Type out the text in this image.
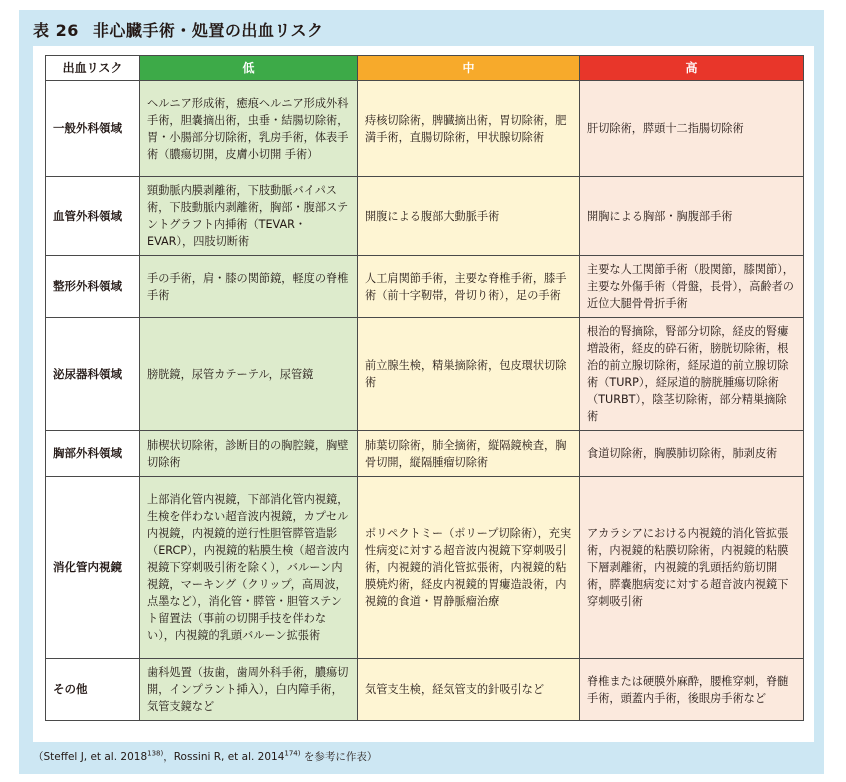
表 26 非心臓手術・処置の出血リスク
出血リスク	低	中	高
一般外科領域	ヘルニア形成術，癒痕ヘルニア形成外科手術，胆嚢摘出術，虫垂・結腸切除術，胃・小腸部分切除術，乳房手術，体表手術（膿瘍切開，皮膚小切開 手術）	痔核切除術，脾臓摘出術，胃切除術，肥満手術，直腸切除術，甲状腺切除術	肝切除術，膵頭十二指腸切除術
血管外科領域	頸動脈内膜剥離術，下肢動脈バイパス術，下肢動脈内剥離術，胸部・腹部ステントグラフト内挿術（TEVAR・EVAR），四肢切断術	開腹による腹部大動脈手術	開胸による胸部・胸腹部手術
整形外科領域	手の手術，肩・膝の関節鏡，軽度の脊椎手術	人工肩関節手術，主要な脊椎手術，膝手術（前十字靭帯，骨切り術），足の手術	主要な人工関節手術（股関節，膝関節），主要な外傷手術（骨盤，長骨），高齢者の近位大腿骨骨折手術
泌尿器科領域	膀胱鏡，尿管カテーテル，尿管鏡	前立腺生検，精巣摘除術，包皮環状切除術	根治的腎摘除，腎部分切除，経皮的腎瘻増設術，経皮的砕石術，膀胱切除術，根治的前立腺切除術，経尿道的前立腺切除術（TURP），経尿道的膀胱腫瘍切除術（TURBT），陰茎切除術，部分精巣摘除術
胸部外科領域	肺楔状切除術，診断目的の胸腔鏡，胸壁切除術	肺葉切除術，肺全摘術，縦隔鏡検査，胸骨切開，縦隔腫瘤切除術	食道切除術，胸膜肺切除術，肺剥皮術
消化管内視鏡	上部消化管内視鏡，下部消化管内視鏡，生検を伴わない超音波内視鏡，カプセル内視鏡，内視鏡的逆行性胆管膵管造影（ERCP），内視鏡的粘膜生検（超音波内視鏡下穿刺吸引術を除く），バルーン内視鏡，マーキング（クリップ，高周波，点墨など），消化管・膵管・胆管ステント留置法（事前の切開手技を伴わない），内視鏡的乳頭バルーン拡張術	ポリペクトミー（ポリープ切除術），充実性病変に対する超音波内視鏡下穿刺吸引術，内視鏡的消化管拡張術，内視鏡的粘膜焼灼術，経皮内視鏡的胃瘻造設術，内視鏡的食道・胃静脈瘤治療	アカラシアにおける内視鏡的消化管拡張術，内視鏡的粘膜切除術，内視鏡的粘膜下層剥離術，内視鏡的乳頭括約筋切開術，膵嚢胞病変に対する超音波内視鏡下穿刺吸引術
その他	歯科処置（抜歯，歯周外科手術，膿瘍切開，インプラント挿入），白内障手術，気管支鏡など	気管支生検，経気管支的針吸引など	脊椎または硬膜外麻酔，腰椎穿刺，脊髄手術，頭蓋内手術，後眼房手術など
（Steffel J, et al. 2018$^{138)}$，Rossini R, et al. 2014$^{174)}$ を参考に作表）
